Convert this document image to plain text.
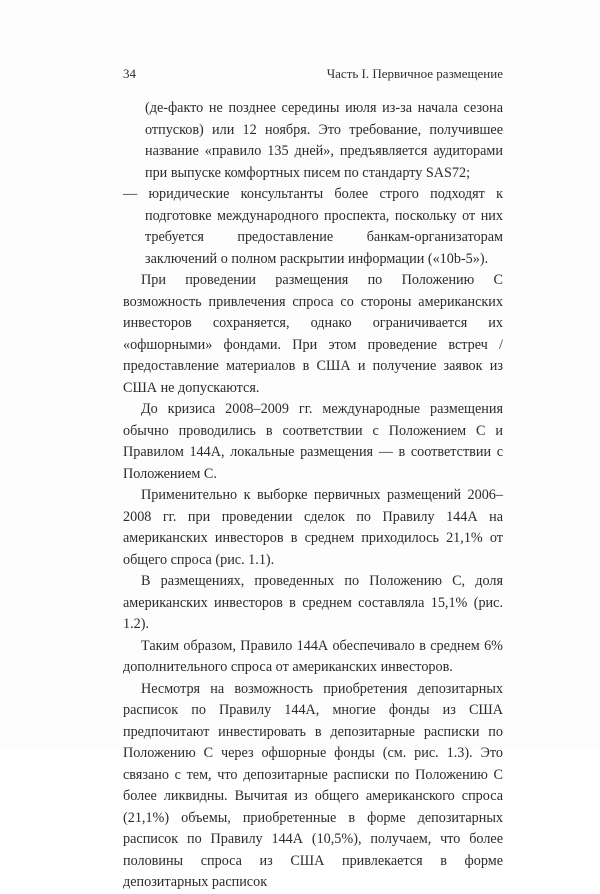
34	Часть I. Первичное размещение

(де-факто не позднее середины июля из-за начала сезона отпусков) или 12 ноября. Это требование, получившее название «правило 135 дней», предъявляется аудиторами при выпуске комфортных писем по стандарту SAS72;

— юридические консультанты более строго подходят к подготовке международного проспекта, поскольку от них требуется предоставление банкам-организаторам заключений о полном раскрытии информации («10b-5»).

При проведении размещения по Положению С возможность привлечения спроса со стороны американских инвесторов сохраняется, однако ограничивается их «офшорными» фондами. При этом проведение встреч / предоставление материалов в США и получение заявок из США не допускаются.

До кризиса 2008–2009 гг. международные размещения обычно проводились в соответствии с Положением С и Правилом 144А, локальные размещения — в соответствии с Положением С.

Применительно к выборке первичных размещений 2006–2008 гг. при проведении сделок по Правилу 144А на американских инвесторов в среднем приходилось 21,1% от общего спроса (рис. 1.1).

В размещениях, проведенных по Положению С, доля американских инвесторов в среднем составляла 15,1% (рис. 1.2).

Таким образом, Правило 144А обеспечивало в среднем 6% дополнительного спроса от американских инвесторов.

Несмотря на возможность приобретения депозитарных расписок по Правилу 144А, многие фонды из США предпочитают инвестировать в депозитарные расписки по Положению С через офшорные фонды (см. рис. 1.3). Это связано с тем, что депозитарные расписки по Положению С более ликвидны. Вычитая из общего американского спроса (21,1%) объемы, приобретенные в форме депозитарных расписок по Правилу 144А (10,5%), получаем, что более половины спроса из США привлекается в форме депозитарных расписок
